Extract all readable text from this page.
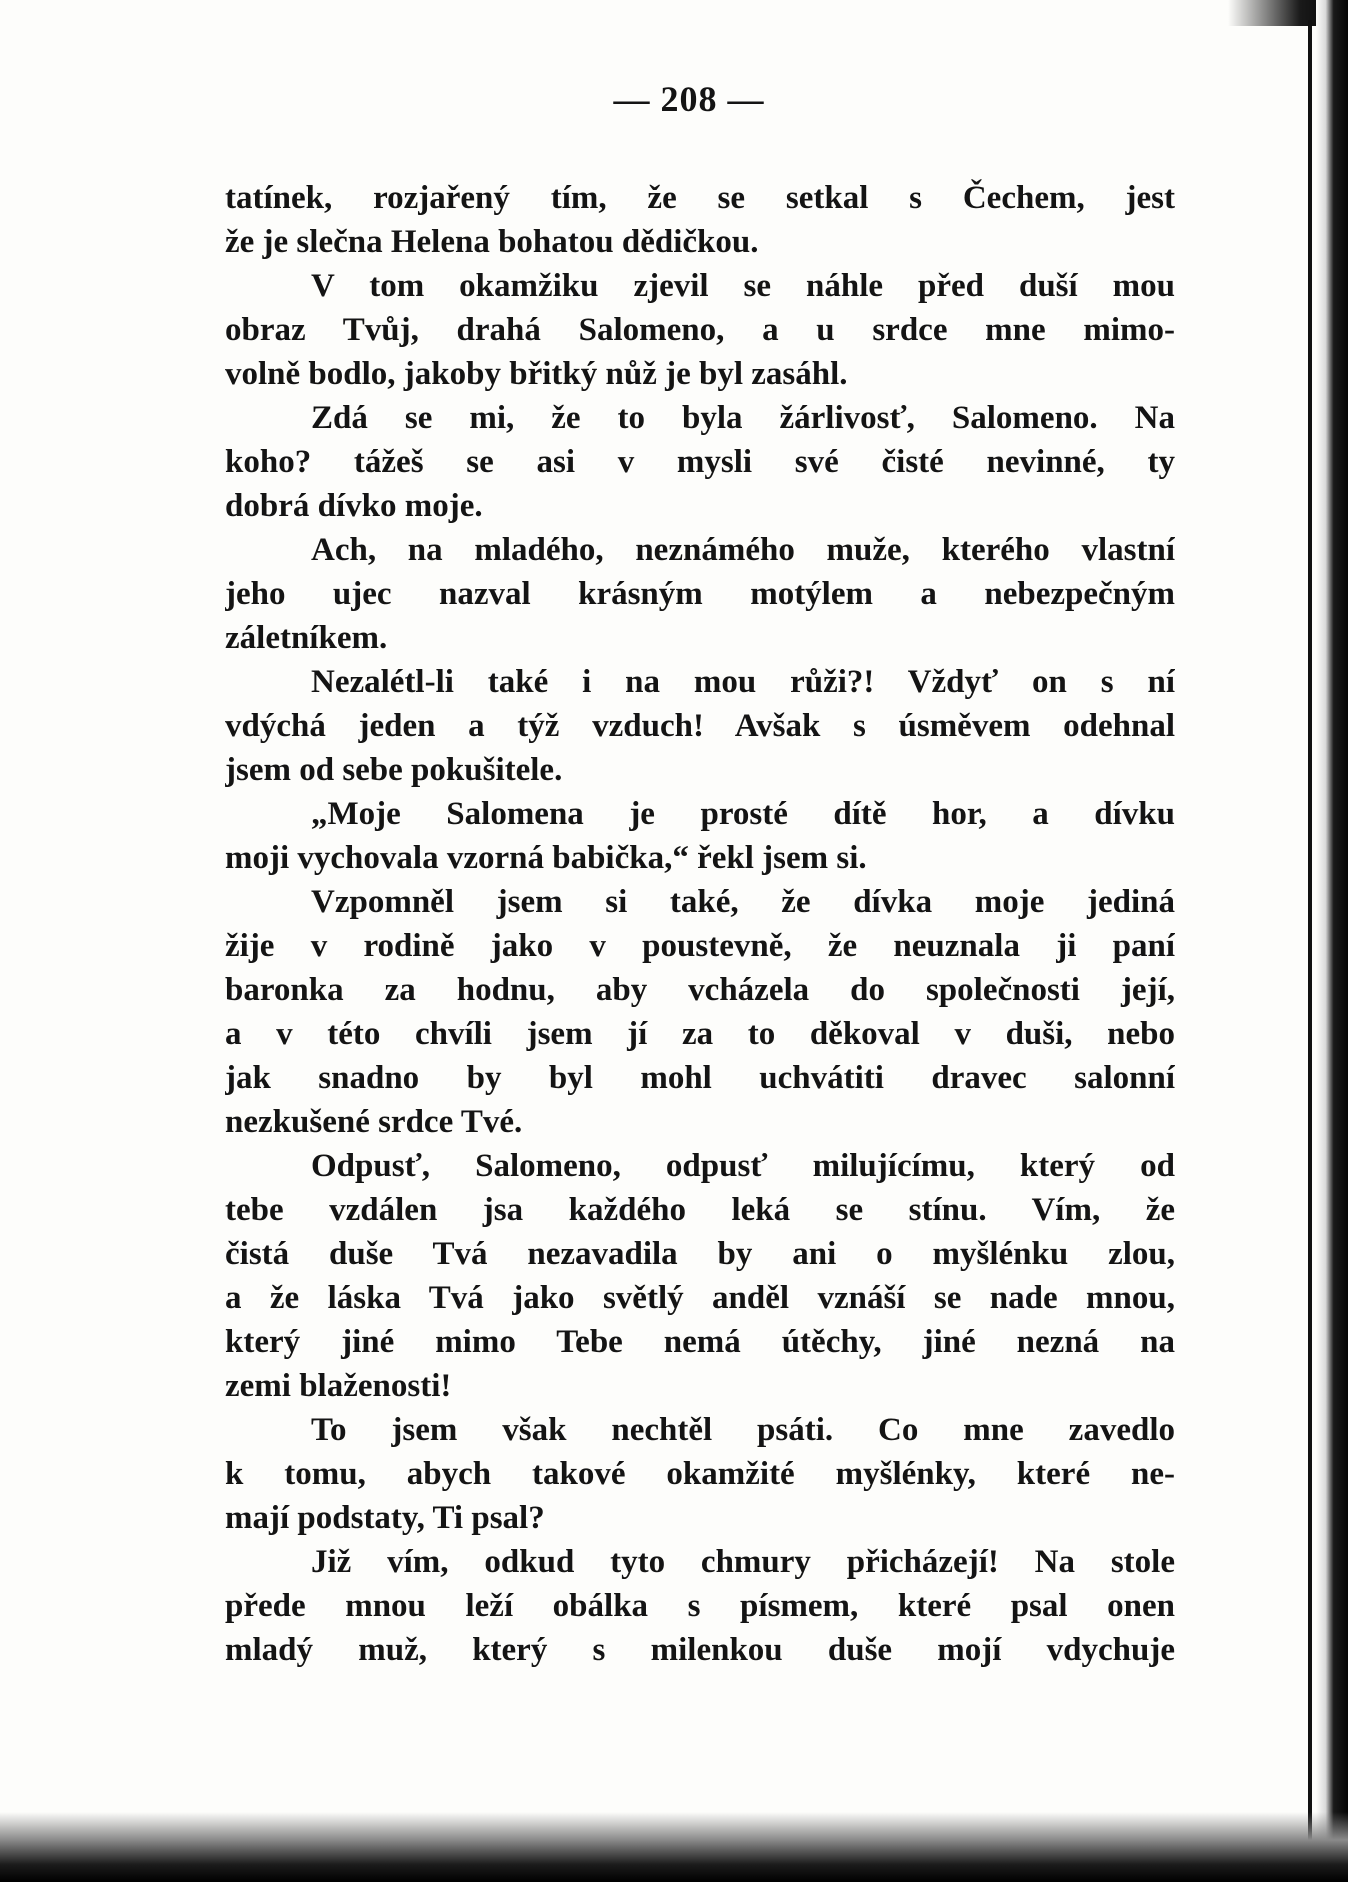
— 208 —
tatínek, rozjařený tím, že se setkal s Čechem, jest
že je slečna Helena bohatou dědičkou.
V tom okamžiku zjevil se náhle před duší mou
obraz Tvůj, drahá Salomeno, a u srdce mne mimo-
volně bodlo, jakoby břitký nůž je byl zasáhl.
Zdá se mi, že to byla žárlivosť, Salomeno. Na
koho? tážeš se asi v mysli své čisté nevinné, ty
dobrá dívko moje.
Ach, na mladého, neznámého muže, kterého vlastní
jeho ujec nazval krásným motýlem a nebezpečným
záletníkem.
Nezalétl-li také i na mou růži?! Vždyť on s ní
vdýchá jeden a týž vzduch! Avšak s úsměvem odehnal
jsem od sebe pokušitele.
„Moje Salomena je prosté dítě hor, a dívku
moji vychovala vzorná babička,“ řekl jsem si.
Vzpomněl jsem si také, že dívka moje jediná
žije v rodině jako v poustevně, že neuznala ji paní
baronka za hodnu, aby vcházela do společnosti její,
a v této chvíli jsem jí za to děkoval v duši, nebo
jak snadno by byl mohl uchvátiti dravec salonní
nezkušené srdce Tvé.
Odpusť, Salomeno, odpusť milujícímu, který od
tebe vzdálen jsa každého leká se stínu. Vím, že
čistá duše Tvá nezavadila by ani o myšlénku zlou,
a že láska Tvá jako světlý anděl vznáší se nade mnou,
který jiné mimo Tebe nemá útěchy, jiné nezná na
zemi blaženosti!
To jsem však nechtěl psáti. Co mne zavedlo
k tomu, abych takové okamžité myšlénky, které ne-
mají podstaty, Ti psal?
Již vím, odkud tyto chmury přicházejí! Na stole
přede mnou leží obálka s písmem, které psal onen
mladý muž, který s milenkou duše mojí vdychuje
